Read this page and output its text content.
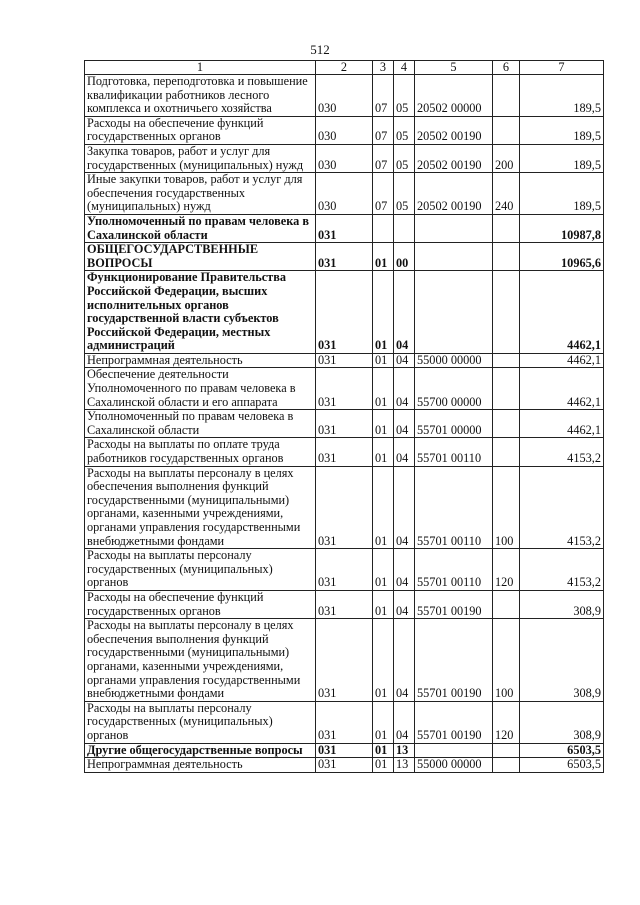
512
1	2	3	4	5	6	7
Подготовка, переподготовка и повышение квалификации работников лесного комплекса и охотничьего хозяйства	030	07	05	20502 00000		189,5
Расходы на обеспечение функций государственных органов	030	07	05	20502 00190		189,5
Закупка товаров, работ и услуг для государственных (муниципальных) нужд	030	07	05	20502 00190	200	189,5
Иные закупки товаров, работ и услуг для обеспечения государственных (муниципальных) нужд	030	07	05	20502 00190	240	189,5
Уполномоченный по правам человека в Сахалинской области	031					10987,8
ОБЩЕГОСУДАРСТВЕННЫЕ ВОПРОСЫ	031	01	00			10965,6
Функционирование Правительства Российской Федерации, высших исполнительных органов государственной власти субъектов Российской Федерации, местных администраций	031	01	04			4462,1
Непрограммная деятельность	031	01	04	55000 00000		4462,1
Обеспечение деятельности Уполномоченного по правам человека в Сахалинской области и его аппарата	031	01	04	55700 00000		4462,1
Уполномоченный по правам человека в Сахалинской области	031	01	04	55701 00000		4462,1
Расходы на выплаты по оплате труда работников государственных органов	031	01	04	55701 00110		4153,2
Расходы на выплаты персоналу в целях обеспечения выполнения функций государственными (муниципальными) органами, казенными учреждениями, органами управления государственными внебюджетными фондами	031	01	04	55701 00110	100	4153,2
Расходы на выплаты персоналу государственных (муниципальных) органов	031	01	04	55701 00110	120	4153,2
Расходы на обеспечение функций государственных органов	031	01	04	55701 00190		308,9
Расходы на выплаты персоналу в целях обеспечения выполнения функций государственными (муниципальными) органами, казенными учреждениями, органами управления государственными внебюджетными фондами	031	01	04	55701 00190	100	308,9
Расходы на выплаты персоналу государственных (муниципальных) органов	031	01	04	55701 00190	120	308,9
Другие общегосударственные вопросы	031	01	13			6503,5
Непрограммная деятельность	031	01	13	55000 00000		6503,5
